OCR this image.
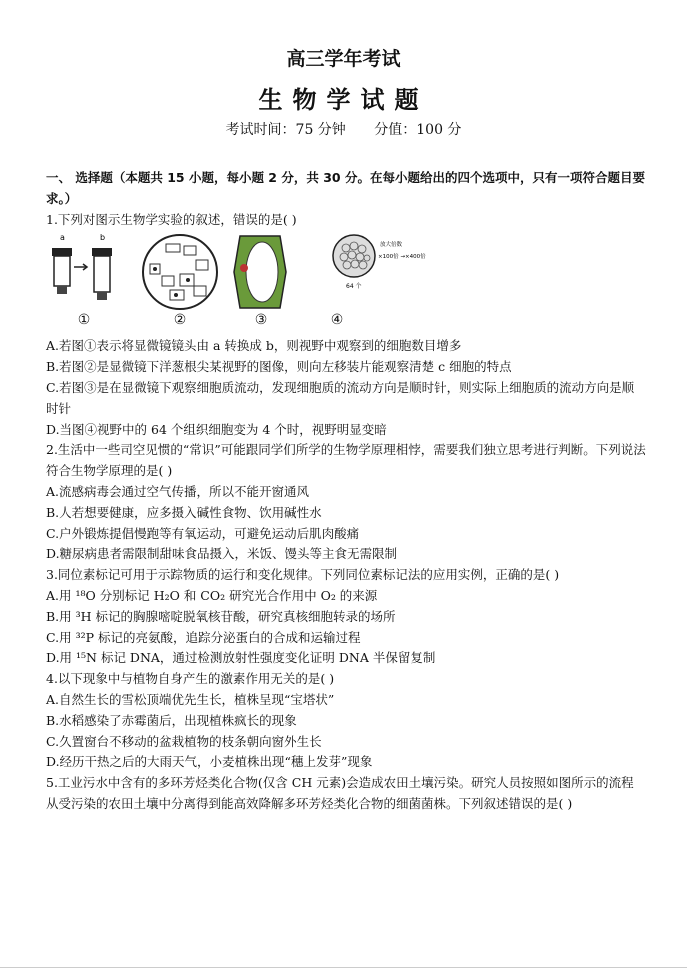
高三学年考试
生物学试题
考试时间：75 分钟 分值：100 分

一、 选择题（本题共 15 小题，每小题 2 分，共 30 分。在每小题给出的四个选项中，只有一项符合题目要求。）

1.下列对图示生物学实验的叙述，错误的是( )

a	b
①	②	③
放大倍数
×100倍 →×400倍
64 个
④

A.若图①表示将显微镜镜头由 a 转换成 b，则视野中观察到的细胞数目增多

B.若图②是显微镜下洋葱根尖某视野的图像，则向左移装片能观察清楚 c 细胞的特点

C.若图③是在显微镜下观察细胞质流动，发现细胞质的流动方向是顺时针，则实际上细胞质的流动方向是顺时针

D.当图④视野中的 64 个组织细胞变为 4 个时，视野明显变暗

2.生活中一些司空见惯的“常识”可能跟同学们所学的生物学原理相悖，需要我们独立思考进行判断。下列说法符合生物学原理的是( )

A.流感病毒会通过空气传播，所以不能开窗通风

B.人若想要健康，应多摄入碱性食物、饮用碱性水

C.户外锻炼提倡慢跑等有氧运动，可避免运动后肌肉酸痛

D.糖尿病患者需限制甜味食品摄入，米饭、馒头等主食无需限制

3.同位素标记可用于示踪物质的运行和变化规律。下列同位素标记法的应用实例，正确的是( )

A.用 ¹⁸O 分别标记 H₂O 和 CO₂ 研究光合作用中 O₂ 的来源

B.用 ³H 标记的胸腺嘧啶脱氧核苷酸，研究真核细胞转录的场所

C.用 ³²P 标记的亮氨酸，追踪分泌蛋白的合成和运输过程

D.用 ¹⁵N 标记 DNA，通过检测放射性强度变化证明 DNA 半保留复制

4.以下现象中与植物自身产生的激素作用无关的是( )

A.自然生长的雪松顶端优先生长，植株呈现“宝塔状”

B.水稻感染了赤霉菌后，出现植株疯长的现象

C.久置窗台不移动的盆栽植物的枝条朝向窗外生长

D.经历干热之后的大雨天气，小麦植株出现“穗上发芽”现象

5.工业污水中含有的多环芳烃类化合物(仅含 CH 元素)会造成农田土壤污染。研究人员按照如图所示的流程从受污染的农田土壤中分离得到能高效降解多环芳烃类化合物的细菌菌株。下列叙述错误的是( )
